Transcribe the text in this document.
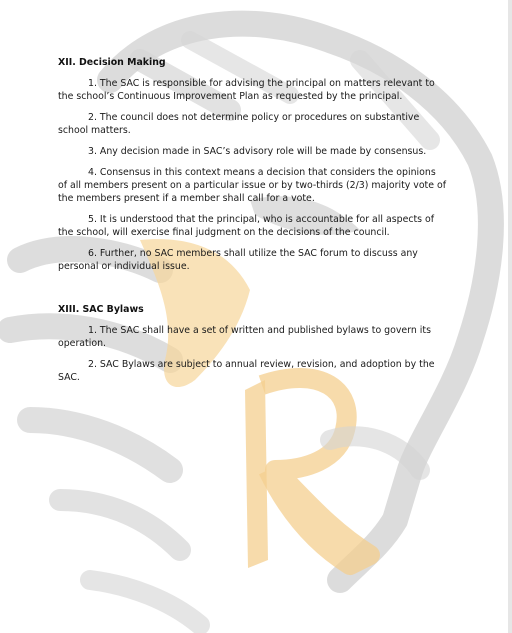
XII. Decision Making

1. The SAC is responsible for advising the principal on matters relevant to the school’s Continuous Improvement Plan as requested by the principal.

2. The council does not determine policy or procedures on substantive school matters.

3. Any decision made in SAC’s advisory role will be made by consensus.

4. Consensus in this context means a decision that considers the opinions of all members present on a particular issue or by two-thirds (2/3) majority vote of the members present if a member shall call for a vote.

5. It is understood that the principal, who is accountable for all aspects of the school, will exercise final judgment on the decisions of the council.

6. Further, no SAC members shall utilize the SAC forum to discuss any personal or individual issue.

XIII. SAC Bylaws

1. The SAC shall have a set of written and published bylaws to govern its operation.

2. SAC Bylaws are subject to annual review, revision, and adoption by the SAC.
